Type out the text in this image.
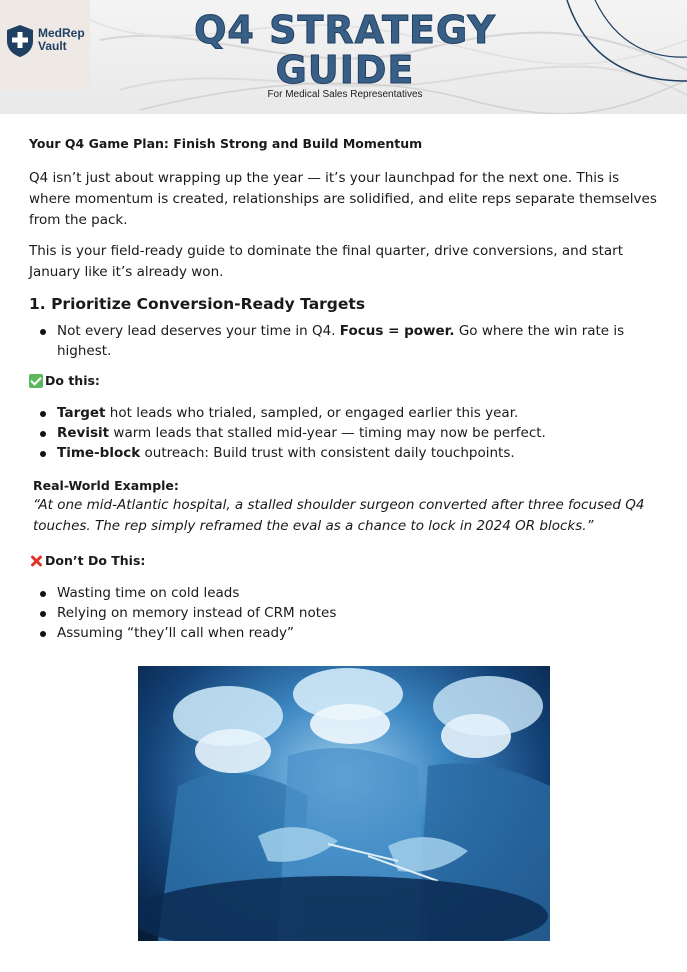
MedRep Vault	Q4 STRATEGY GUIDE
For Medical Sales Representatives
Your Q4 Game Plan: Finish Strong and Build Momentum

Q4 isn’t just about wrapping up the year — it’s your launchpad for the next one. This is where momentum is created, relationships are solidified, and elite reps separate themselves from the pack.

This is your field-ready guide to dominate the final quarter, drive conversions, and start January like it’s already won.

1. Prioritize Conversion-Ready Targets
Not every lead deserves your time in Q4. Focus = power. Go where the win rate is highest.
Do this:
Target hot leads who trialed, sampled, or engaged earlier this year.
Revisit warm leads that stalled mid-year — timing may now be perfect.
Time-block outreach: Build trust with consistent daily touchpoints.
Real-World Example:
“At one mid-Atlantic hospital, a stalled shoulder surgeon converted after three focused Q4 touches. The rep simply reframed the eval as a chance to lock in 2024 OR blocks.”
Don’t Do This:
Wasting time on cold leads
Relying on memory instead of CRM notes
Assuming “they’ll call when ready”
